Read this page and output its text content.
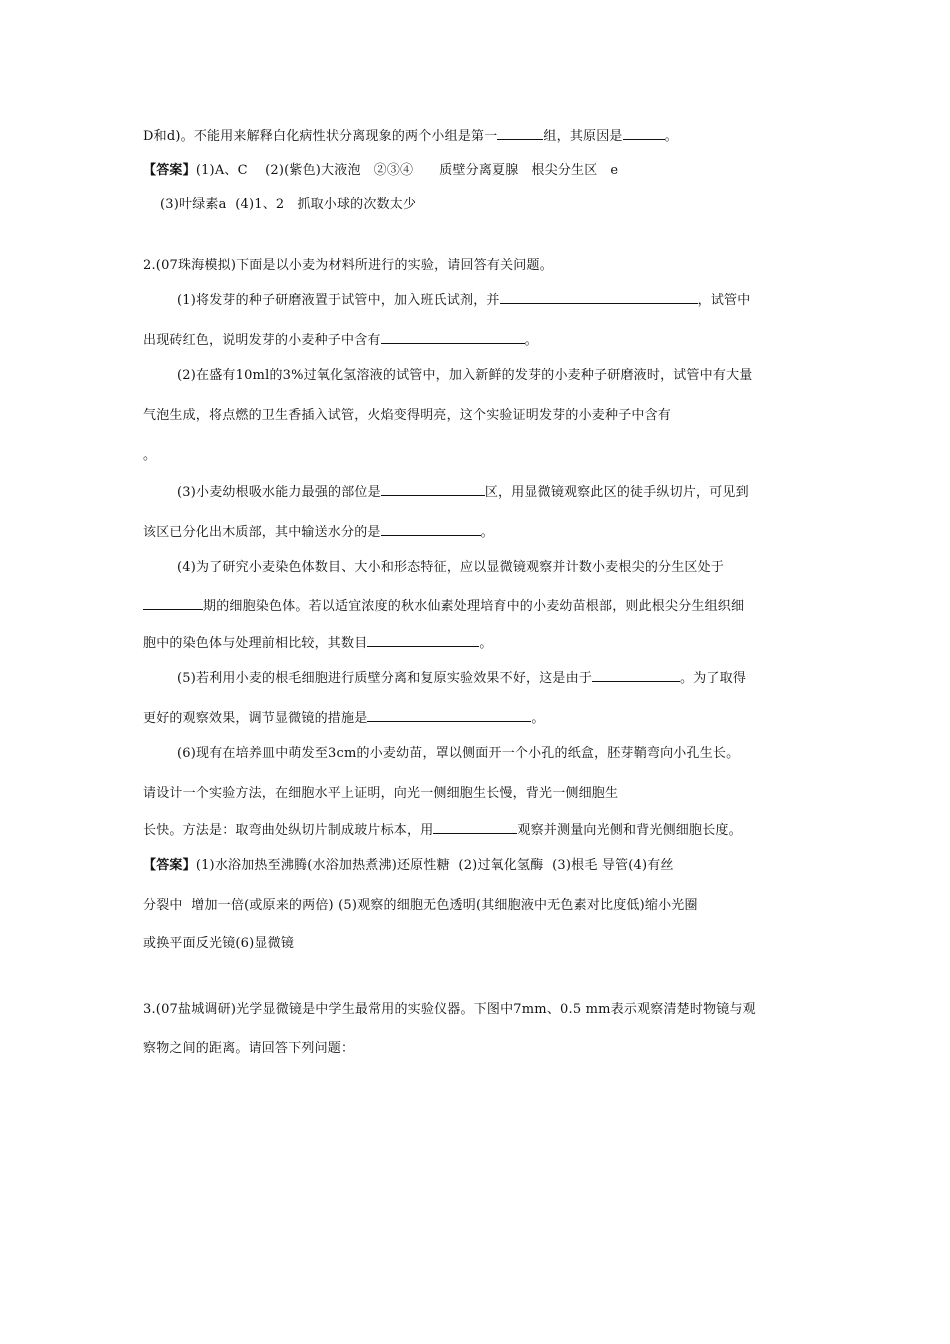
D和d)。不能用来解释白化病性状分离现象的两个小组是第一	组，其原因是	。
【答案】(1)A、C    (2)(紫色)大液泡   ②③④      质壁分离夏腺   根尖分生区   e
(3)叶绿素a  (4)1、2   抓取小球的次数太少
2.(07珠海模拟)下面是以小麦为材料所进行的实验，请回答有关问题。
(1)将发芽的种子研磨液置于试管中，加入班氏试剂，并	，试管中
出现砖红色，说明发芽的小麦种子中含有	。
(2)在盛有10ml的3%过氧化氢溶液的试管中，加入新鲜的发芽的小麦种子研磨液时，试管中有大量
气泡生成，将点燃的卫生香插入试管，火焰变得明亮，这个实验证明发芽的小麦种子中含有
。
(3)小麦幼根吸水能力最强的部位是	区，用显微镜观察此区的徒手纵切片，可见到
该区已分化出木质部，其中输送水分的是	。
(4)为了研究小麦染色体数目、大小和形态特征，应以显微镜观察并计数小麦根尖的分生区处于
期的细胞染色体。若以适宜浓度的秋水仙素处理培育中的小麦幼苗根部，则此根尖分生组织细
胞中的染色体与处理前相比较，其数目	。
(5)若利用小麦的根毛细胞进行质壁分离和复原实验效果不好，这是由于	。为了取得
更好的观察效果，调节显微镜的措施是	。
(6)现有在培养皿中萌发至3cm的小麦幼苗，罩以侧面开一个小孔的纸盒，胚芽鞘弯向小孔生长。
请设计一个实验方法，在细胞水平上证明，向光一侧细胞生长慢，背光一侧细胞生
长快。方法是：取弯曲处纵切片制成玻片标本，用	观察并测量向光侧和背光侧细胞长度。
【答案】(1)水浴加热至沸腾(水浴加热煮沸)还原性糖  (2)过氧化氢酶  (3)根毛 导管(4)有丝
分裂中  增加一倍(或原来的两倍) (5)观察的细胞无色透明(其细胞液中无色素对比度低)缩小光圈
或换平面反光镜(6)显微镜
3.(07盐城调研)光学显微镜是中学生最常用的实验仪器。下图中7mm、0.5 mm表示观察清楚时物镜与观
察物之间的距离。请回答下列问题：
